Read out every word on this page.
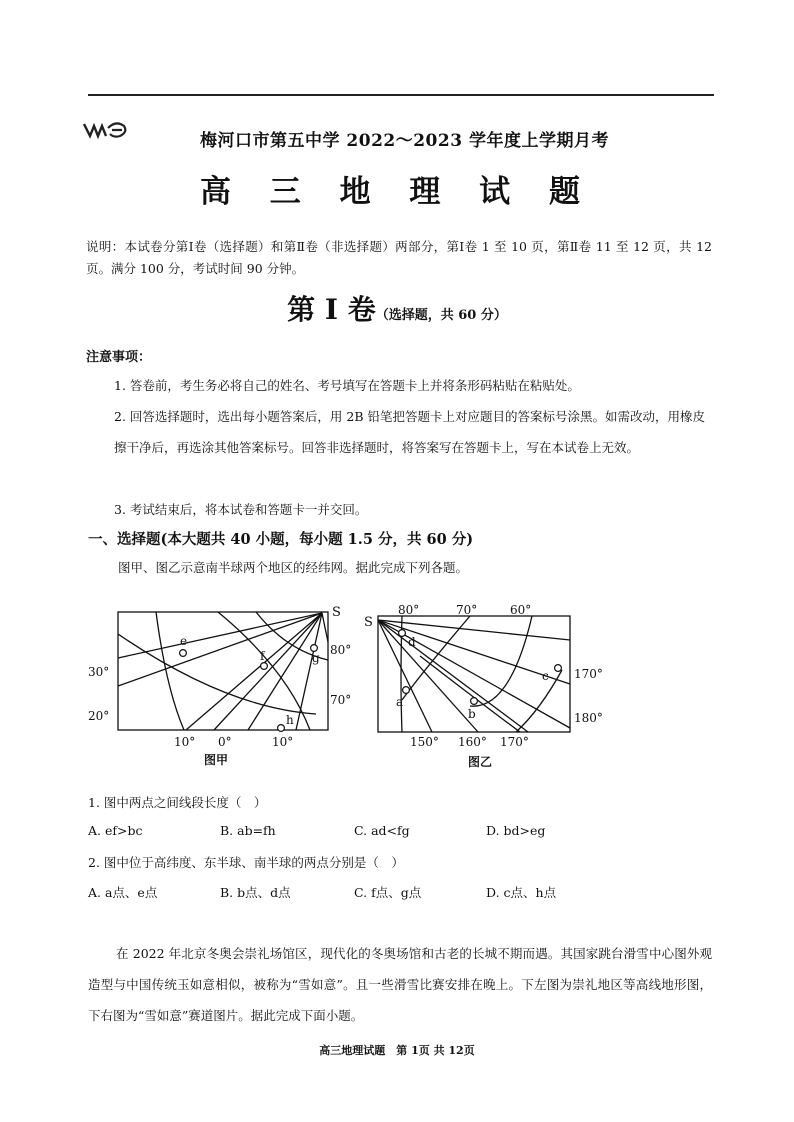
梅河口市第五中学 2022～2023 学年度上学期月考
高 三 地 理 试 题
说明：本试卷分第Ⅰ卷（选择题）和第Ⅱ卷（非选择题）两部分，第Ⅰ卷 1 至 10 页，第Ⅱ卷 11 至 12 页，共 12 页。满分 100 分，考试时间 90 分钟。
第 Ⅰ 卷（选择题，共 60 分）
注意事项：
1. 答卷前，考生务必将自己的姓名、考号填写在答题卡上并将条形码粘贴在粘贴处。
2. 回答选择题时，选出每小题答案后，用 2B 铅笔把答题卡上对应题目的答案标号涂黑。如需改动，用橡皮擦干净后，再选涂其他答案标号。回答非选择题时，将答案写在答题卡上，写在本试卷上无效。
3. 考试结束后，将本试卷和答题卡一并交回。
一、选择题(本大题共 40 小题，每小题 1.5 分，共 60 分)
图甲、图乙示意南半球两个地区的经纬网。据此完成下列各题。
S
e
f	g
h
30°
20°
80°
70°
10° 0°	10°
图甲
S
d
c
a
b
80°	70°	60°
170°
180°
150° 160° 170°
图乙
1. 图中两点之间线段长度（　）
A. ef>bc	B. ab=fh	C. ad<fg	D. bd>eg
2. 图中位于高纬度、东半球、南半球的两点分别是（　）
A. a点、e点	B. b点、d点	C. f点、g点	D. c点、h点
在 2022 年北京冬奥会崇礼场馆区，现代化的冬奥场馆和古老的长城不期而遇。其国家跳台滑雪中心图外观造型与中国传统玉如意相似，被称为“雪如意”。且一些滑雪比赛安排在晚上。下左图为崇礼地区等高线地形图，下右图为“雪如意”赛道图片。据此完成下面小题。
高三地理试题　第 1页 共 12页
